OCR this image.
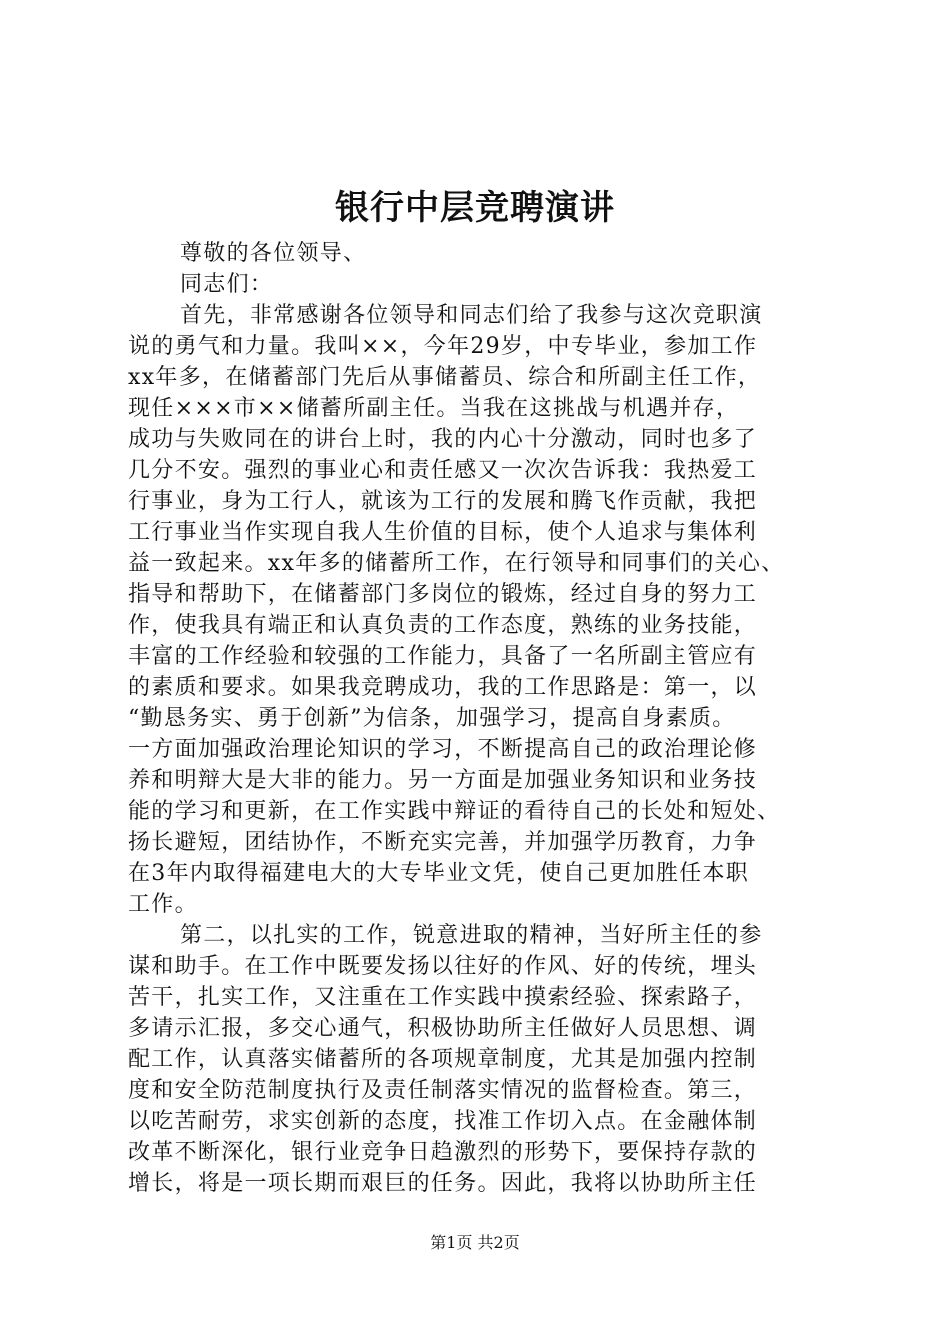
银行中层竞聘演讲
尊敬的各位领导、
同志们：
首先，非常感谢各位领导和同志们给了我参与这次竞职演
说的勇气和力量。我叫××，今年29岁，中专毕业，参加工作
xx年多，在储蓄部门先后从事储蓄员、综合和所副主任工作，
现任×××市××储蓄所副主任。当我在这挑战与机遇并存，
成功与失败同在的讲台上时，我的内心十分激动，同时也多了
几分不安。强烈的事业心和责任感又一次次告诉我：我热爱工
行事业，身为工行人，就该为工行的发展和腾飞作贡献，我把
工行事业当作实现自我人生价值的目标，使个人追求与集体利
益一致起来。xx年多的储蓄所工作，在行领导和同事们的关心、
指导和帮助下，在储蓄部门多岗位的锻炼，经过自身的努力工
作，使我具有端正和认真负责的工作态度，熟练的业务技能，
丰富的工作经验和较强的工作能力，具备了一名所副主管应有
的素质和要求。如果我竞聘成功，我的工作思路是：第一，以
“勤恳务实、勇于创新”为信条，加强学习，提高自身素质。
一方面加强政治理论知识的学习，不断提高自己的政治理论修
养和明辩大是大非的能力。另一方面是加强业务知识和业务技
能的学习和更新，在工作实践中辩证的看待自己的长处和短处、
扬长避短，团结协作，不断充实完善，并加强学历教育，力争
在3年内取得福建电大的大专毕业文凭，使自己更加胜任本职
工作。
第二，以扎实的工作，锐意进取的精神，当好所主任的参
谋和助手。在工作中既要发扬以往好的作风、好的传统，埋头
苦干，扎实工作，又注重在工作实践中摸索经验、探索路子，
多请示汇报，多交心通气，积极协助所主任做好人员思想、调
配工作，认真落实储蓄所的各项规章制度，尤其是加强内控制
度和安全防范制度执行及责任制落实情况的监督检查。第三，
以吃苦耐劳，求实创新的态度，找准工作切入点。在金融体制
改革不断深化，银行业竞争日趋激烈的形势下，要保持存款的
增长，将是一项长期而艰巨的任务。因此，我将以协助所主任
第1页 共2页
